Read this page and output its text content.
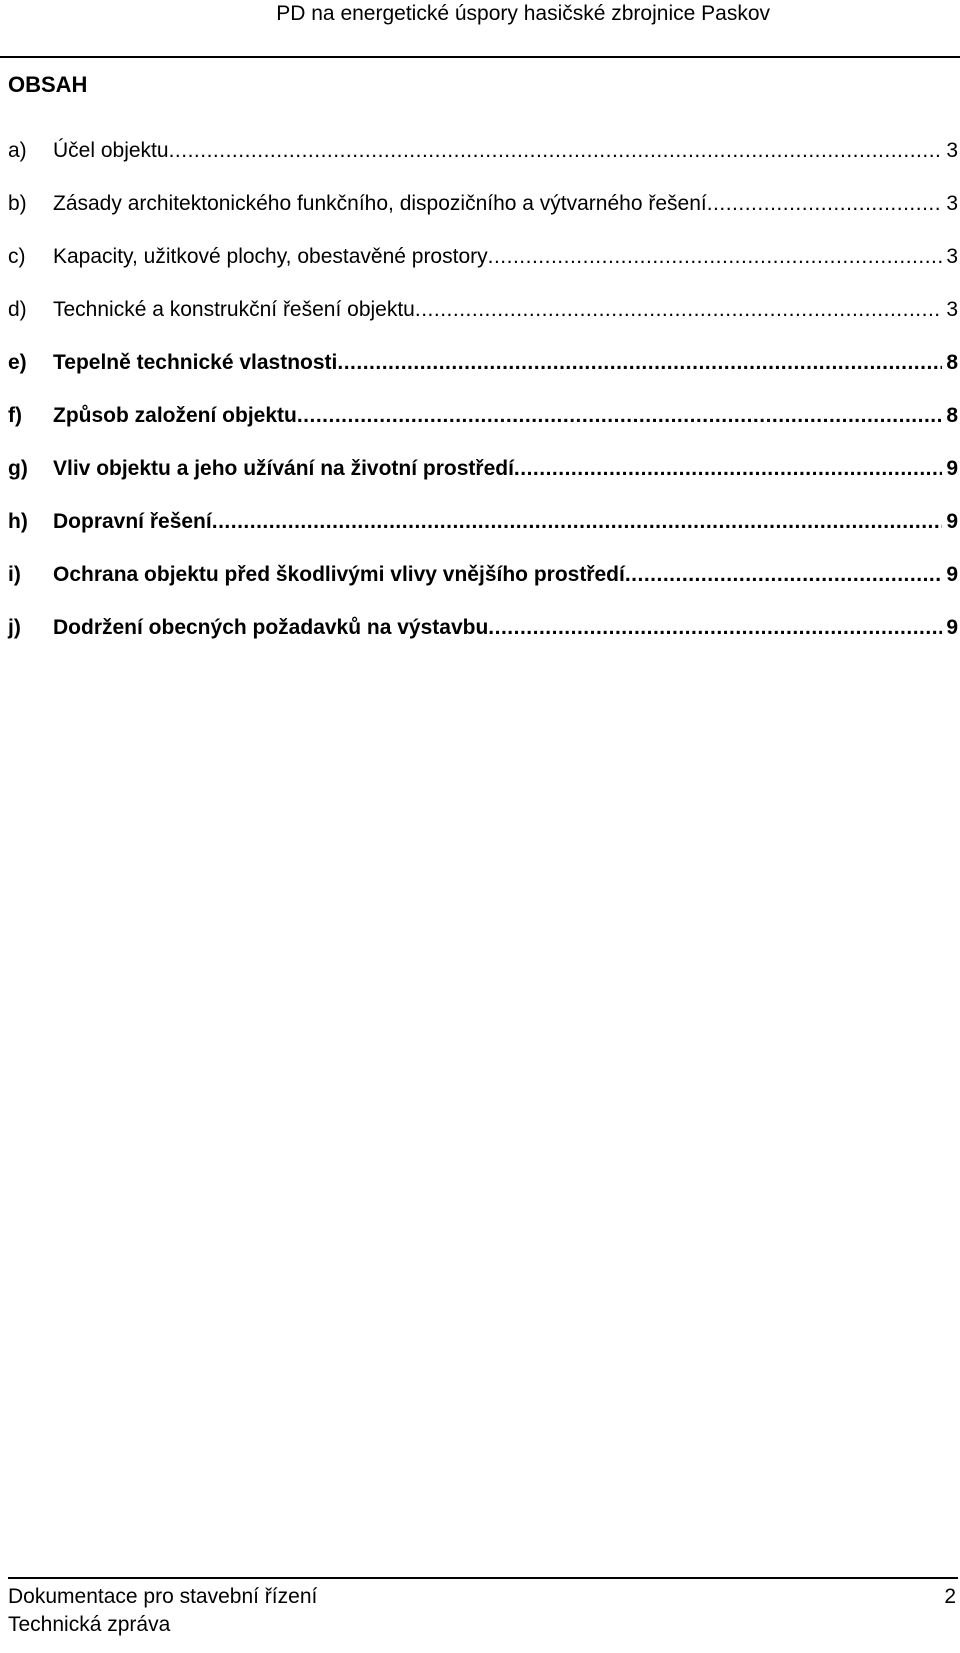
PD na energetické úspory hasičské zbrojnice Paskov
OBSAH
a)	Účel objektu .....	3
b)	Zásady architektonického funkčního, dispozičního a výtvarného řešení .....	3
c)	Kapacity, užitkové plochy, obestavěné prostory .....	3
d)	Technické a konstrukční řešení objektu .....	3
e)	Tepelně technické vlastnosti .....	8
f)	Způsob založení objektu .....	8
g)	Vliv objektu a jeho užívání na životní prostředí .....	9
h)	Dopravní řešení .....	9
i)	Ochrana objektu před škodlivými vlivy vnějšího prostředí .....	9
j)	Dodržení obecných požadavků na výstavbu .....	9
Dokumentace pro stavební řízení
Technická zpráva
2
